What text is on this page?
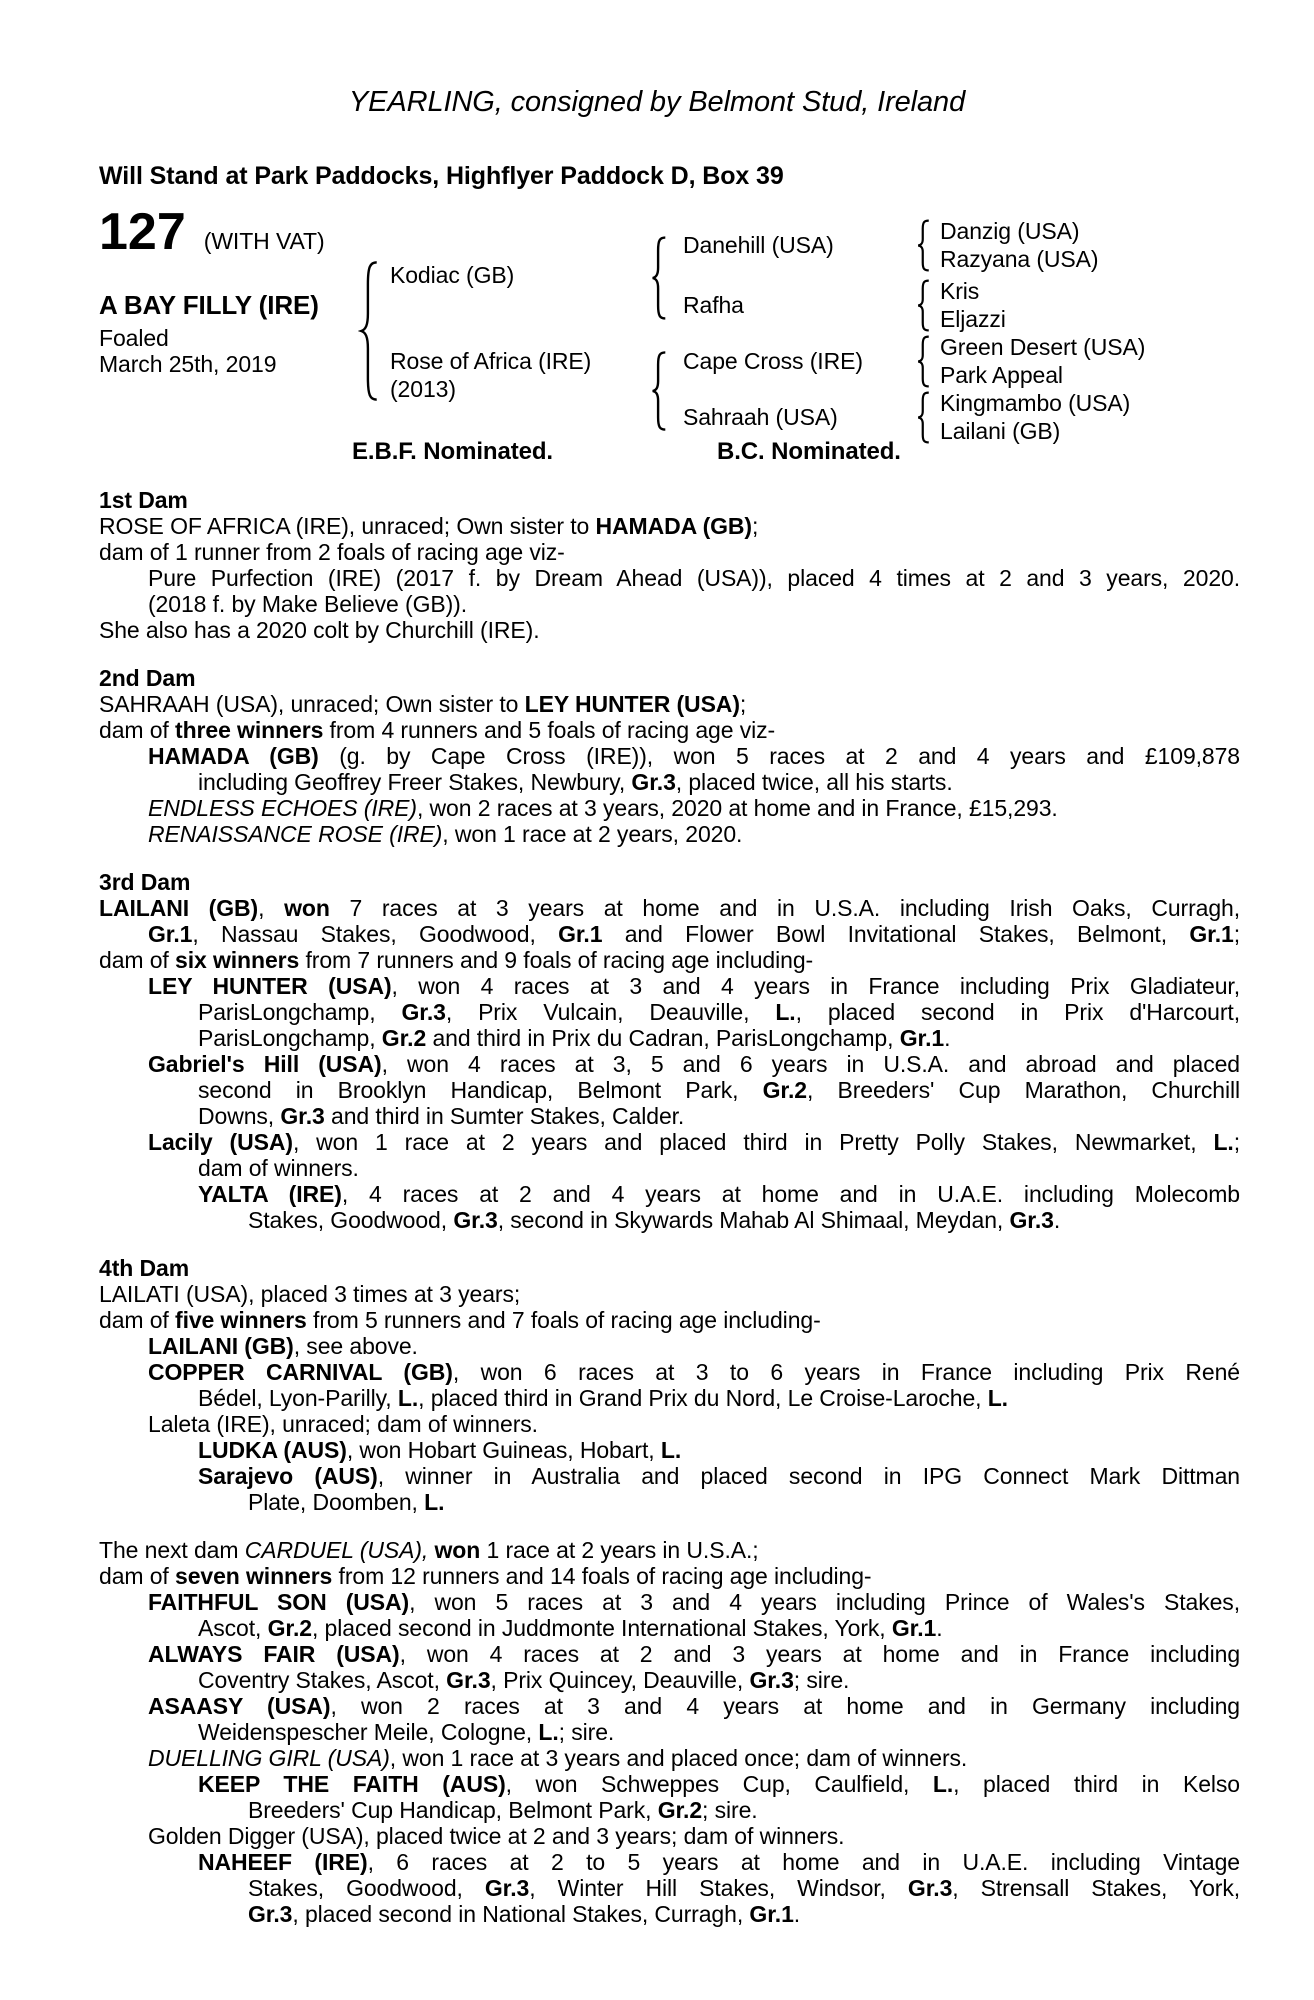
YEARLING, consigned by Belmont Stud, Ireland
Will Stand at Park Paddocks, Highflyer Paddock D, Box 39
127 (WITH VAT)
A BAY FILLY (IRE)
Foaled
March 25th, 2019
Kodiac (GB)
Rose of Africa (IRE)
(2013)
Danehill (USA)
Rafha
Cape Cross (IRE)
Sahraah (USA)
Danzig (USA)
Razyana (USA)
Kris
Eljazzi
Green Desert (USA)
Park Appeal
Kingmambo (USA)
Lailani (GB)
E.B.F. Nominated.	B.C. Nominated.
1st Dam
ROSE OF AFRICA (IRE), unraced; Own sister to HAMADA (GB);
dam of 1 runner from 2 foals of racing age viz-
Pure Purfection (IRE) (2017 f. by Dream Ahead (USA)), placed 4 times at 2 and 3 years, 2020.
(2018 f. by Make Believe (GB)).
She also has a 2020 colt by Churchill (IRE).
2nd Dam
SAHRAAH (USA), unraced; Own sister to LEY HUNTER (USA);
dam of three winners from 4 runners and 5 foals of racing age viz-
HAMADA (GB) (g. by Cape Cross (IRE)), won 5 races at 2 and 4 years and £109,878
including Geoffrey Freer Stakes, Newbury, Gr.3, placed twice, all his starts.
ENDLESS ECHOES (IRE), won 2 races at 3 years, 2020 at home and in France, £15,293.
RENAISSANCE ROSE (IRE), won 1 race at 2 years, 2020.
3rd Dam
LAILANI (GB), won 7 races at 3 years at home and in U.S.A. including Irish Oaks, Curragh,
Gr.1, Nassau Stakes, Goodwood, Gr.1 and Flower Bowl Invitational Stakes, Belmont, Gr.1;
dam of six winners from 7 runners and 9 foals of racing age including-
LEY HUNTER (USA), won 4 races at 3 and 4 years in France including Prix Gladiateur,
ParisLongchamp, Gr.3, Prix Vulcain, Deauville, L., placed second in Prix d'Harcourt,
ParisLongchamp, Gr.2 and third in Prix du Cadran, ParisLongchamp, Gr.1.
Gabriel's Hill (USA), won 4 races at 3, 5 and 6 years in U.S.A. and abroad and placed
second in Brooklyn Handicap, Belmont Park, Gr.2, Breeders' Cup Marathon, Churchill
Downs, Gr.3 and third in Sumter Stakes, Calder.
Lacily (USA), won 1 race at 2 years and placed third in Pretty Polly Stakes, Newmarket, L.;
dam of winners.
YALTA (IRE), 4 races at 2 and 4 years at home and in U.A.E. including Molecomb
Stakes, Goodwood, Gr.3, second in Skywards Mahab Al Shimaal, Meydan, Gr.3.
4th Dam
LAILATI (USA), placed 3 times at 3 years;
dam of five winners from 5 runners and 7 foals of racing age including-
LAILANI (GB), see above.
COPPER CARNIVAL (GB), won 6 races at 3 to 6 years in France including Prix René
Bédel, Lyon-Parilly, L., placed third in Grand Prix du Nord, Le Croise-Laroche, L.
Laleta (IRE), unraced; dam of winners.
LUDKA (AUS), won Hobart Guineas, Hobart, L.
Sarajevo (AUS), winner in Australia and placed second in IPG Connect Mark Dittman
Plate, Doomben, L.
The next dam CARDUEL (USA), won 1 race at 2 years in U.S.A.;
dam of seven winners from 12 runners and 14 foals of racing age including-
FAITHFUL SON (USA), won 5 races at 3 and 4 years including Prince of Wales's Stakes,
Ascot, Gr.2, placed second in Juddmonte International Stakes, York, Gr.1.
ALWAYS FAIR (USA), won 4 races at 2 and 3 years at home and in France including
Coventry Stakes, Ascot, Gr.3, Prix Quincey, Deauville, Gr.3; sire.
ASAASY (USA), won 2 races at 3 and 4 years at home and in Germany including
Weidenspescher Meile, Cologne, L.; sire.
DUELLING GIRL (USA), won 1 race at 3 years and placed once; dam of winners.
KEEP THE FAITH (AUS), won Schweppes Cup, Caulfield, L., placed third in Kelso
Breeders' Cup Handicap, Belmont Park, Gr.2; sire.
Golden Digger (USA), placed twice at 2 and 3 years; dam of winners.
NAHEEF (IRE), 6 races at 2 to 5 years at home and in U.A.E. including Vintage
Stakes, Goodwood, Gr.3, Winter Hill Stakes, Windsor, Gr.3, Strensall Stakes, York,
Gr.3, placed second in National Stakes, Curragh, Gr.1.
